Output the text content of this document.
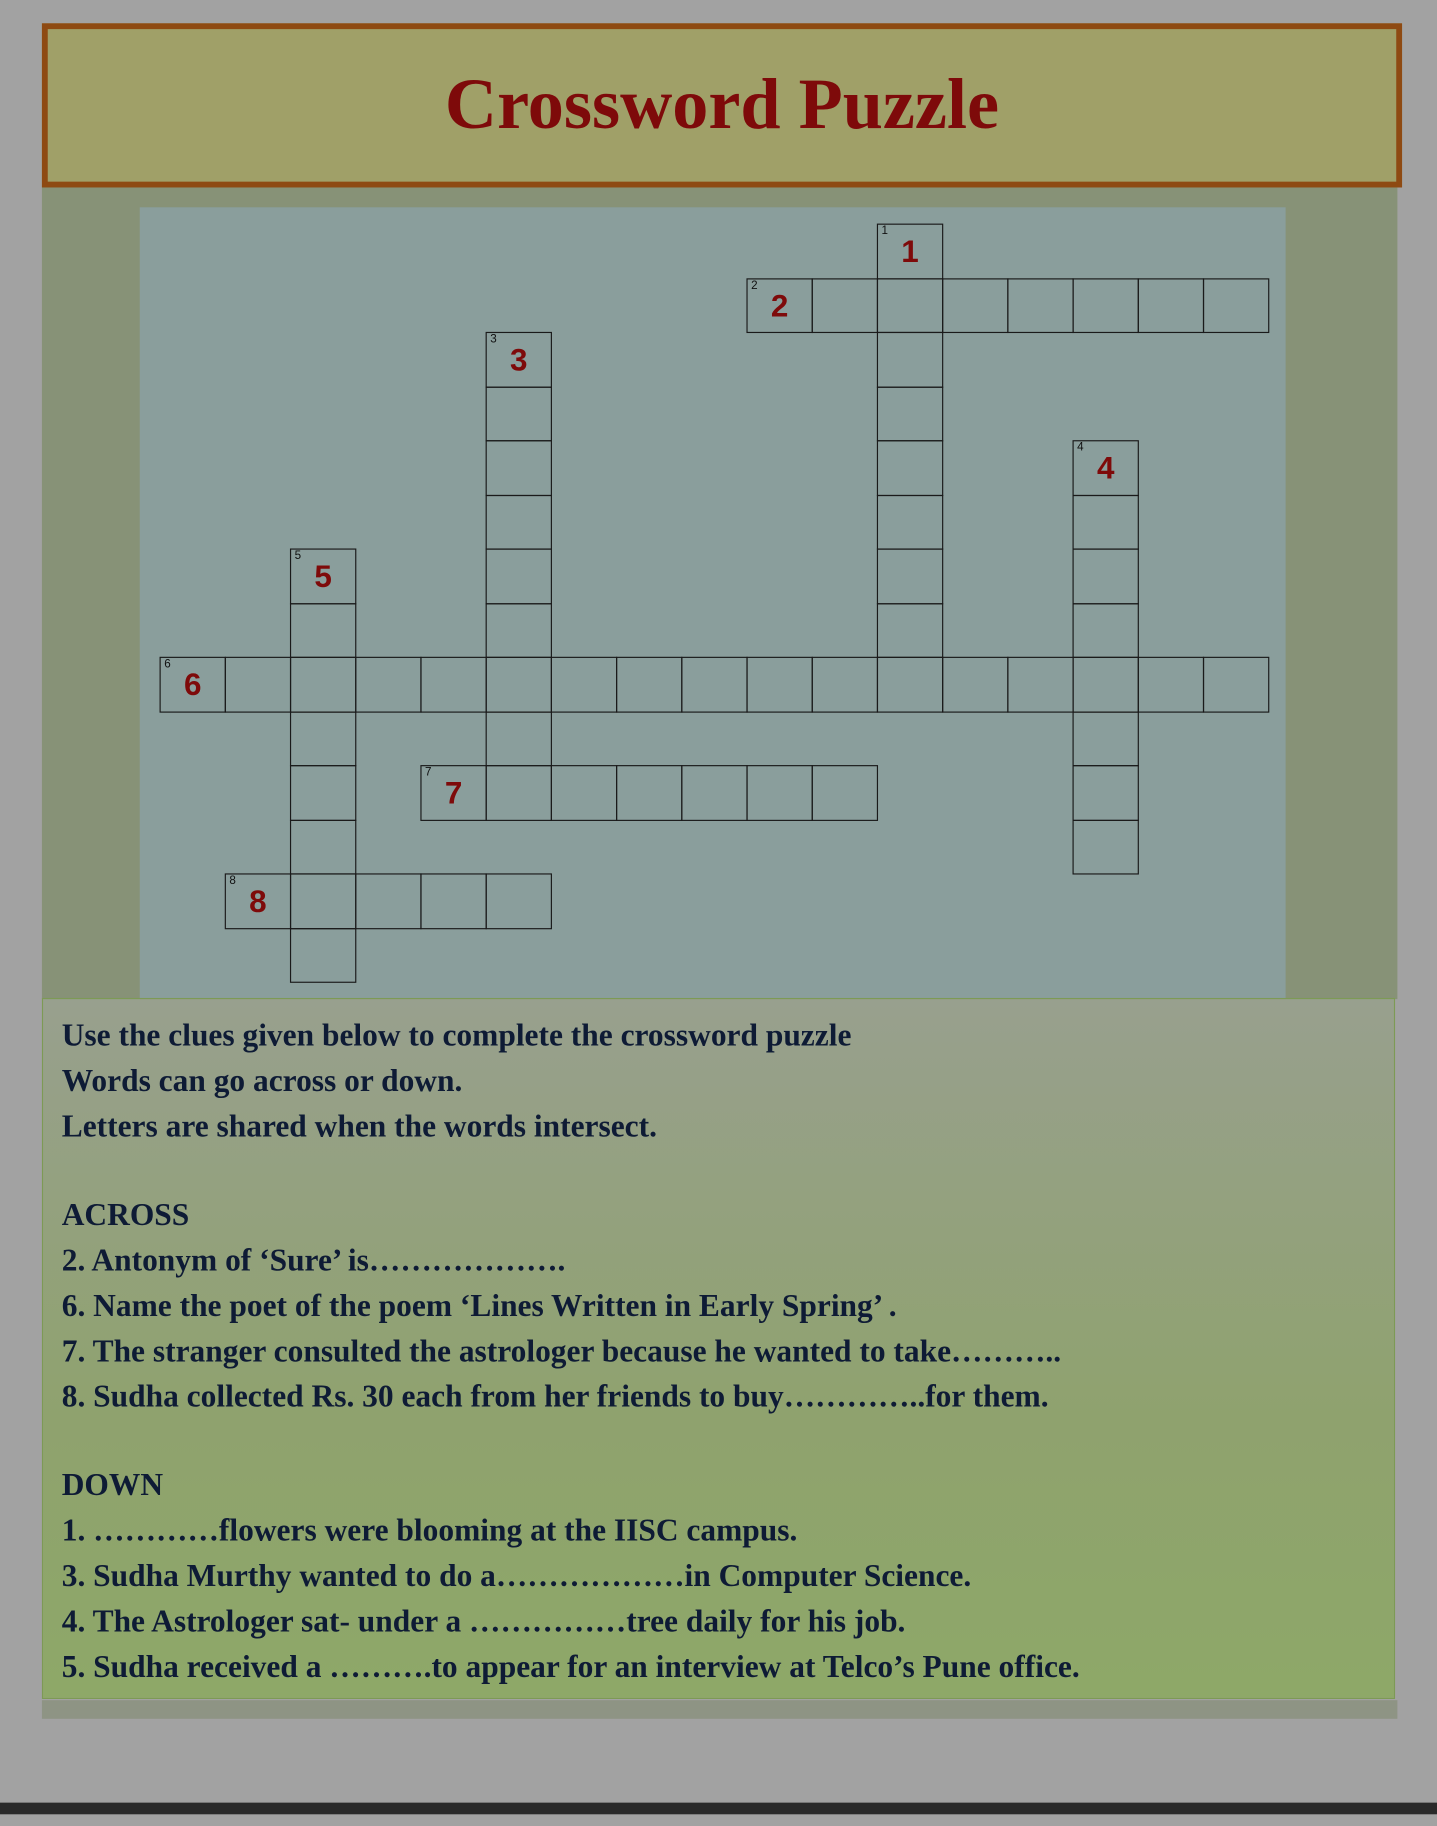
Crossword Puzzle
1
1
2
2
3
3
4
4
5
5
6
6
7
7
8
8
Use the clues given below to complete the crossword puzzle
Words can go across or down.
Letters are shared when the words intersect.
ACROSS
2. Antonym of ‘Sure’ is……………….
6. Name the poet of the poem ‘Lines Written in Early Spring’ .
7. The stranger consulted the astrologer because he wanted to take………..
8. Sudha collected Rs. 30 each from her friends to buy…………..for them.
DOWN
1. …………flowers were blooming at the IISC campus.
3. Sudha Murthy wanted to do a………………in Computer Science.
4. The Astrologer sat- under a ……………tree daily for his job.
5. Sudha received a ……….to appear for an interview at Telco’s Pune office.
